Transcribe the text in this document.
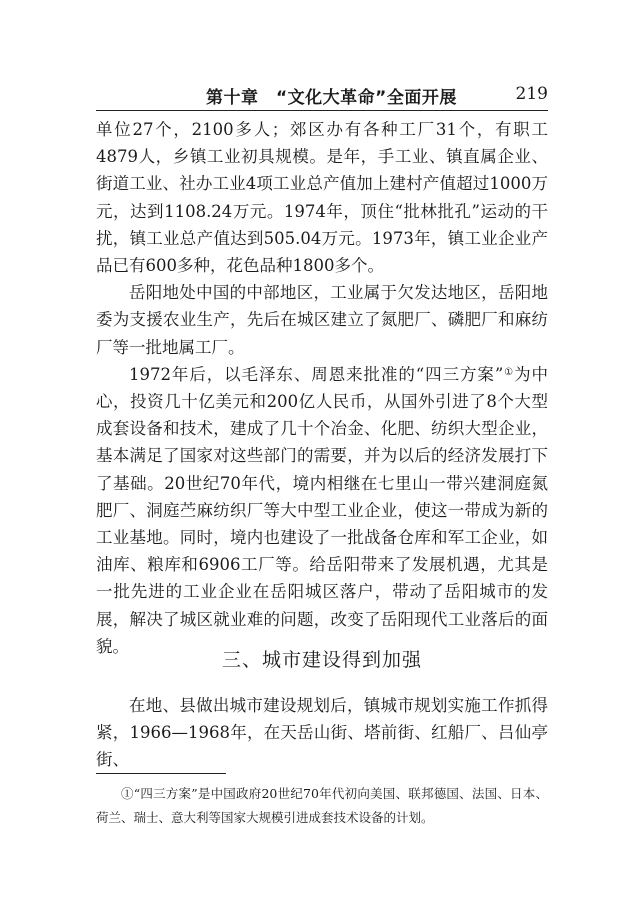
第十章　“文化大革命”全面开展	219

单位27个，2100多人；郊区办有各种工厂31个，有职工4879人，乡镇工业初具规模。是年，手工业、镇直属企业、街道工业、社办工业4项工业总产值加上建村产值超过1000万元，达到1108.24万元。1974年，顶住“批林批孔”运动的干扰，镇工业总产值达到505.04万元。1973年，镇工业企业产品已有600多种，花色品种1800多个。

岳阳地处中国的中部地区，工业属于欠发达地区，岳阳地委为支援农业生产，先后在城区建立了氮肥厂、磷肥厂和麻纺厂等一批地属工厂。

1972年后，以毛泽东、周恩来批准的“四三方案”①为中心，投资几十亿美元和200亿人民币，从国外引进了8个大型成套设备和技术，建成了几十个冶金、化肥、纺织大型企业，基本满足了国家对这些部门的需要，并为以后的经济发展打下了基础。20世纪70年代，境内相继在七里山一带兴建洞庭氮肥厂、洞庭苎麻纺织厂等大中型工业企业，使这一带成为新的工业基地。同时，境内也建设了一批战备仓库和军工企业，如油库、粮库和6906工厂等。给岳阳带来了发展机遇，尤其是一批先进的工业企业在岳阳城区落户，带动了岳阳城市的发展，解决了城区就业难的问题，改变了岳阳现代工业落后的面貌。

三、城市建设得到加强

在地、县做出城市建设规划后，镇城市规划实施工作抓得紧，1966—1968年，在天岳山街、塔前街、红船厂、吕仙亭街、

①“四三方案”是中国政府20世纪70年代初向美国、联邦德国、法国、日本、荷兰、瑞士、意大利等国家大规模引进成套技术设备的计划。
